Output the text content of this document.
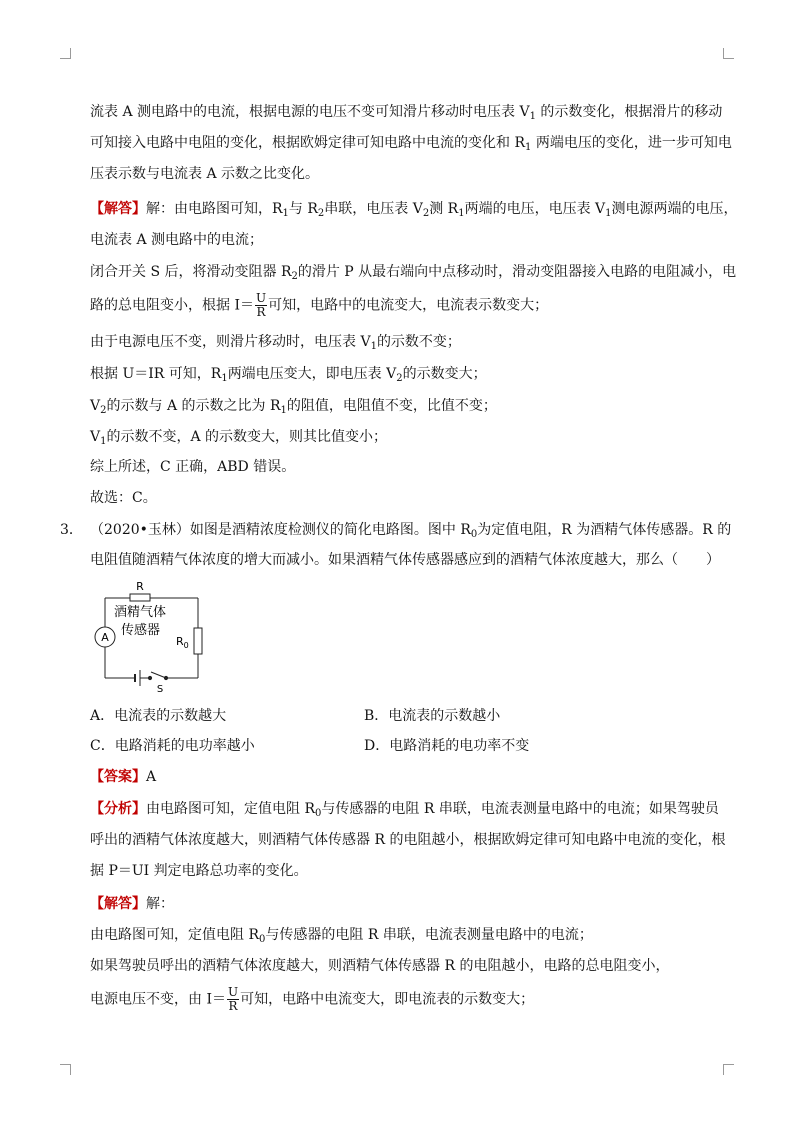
流表 A 测电路中的电流，根据电源的电压不变可知滑片移动时电压表 $V_1$ 的示数变化，根据滑片的移动
可知接入电路中电阻的变化，根据欧姆定律可知电路中电流的变化和 $R_1$ 两端电压的变化，进一步可知电
压表示数与电流表 A 示数之比变化。
【解答】解：由电路图可知，$R_1$与 $R_2$串联，电压表 $V_2$测 $R_1$两端的电压，电压表 $V_1$测电源两端的电压，
电流表 A 测电路中的电流；
闭合开关 S 后，将滑动变阻器 $R_2$的滑片 P 从最右端向中点移动时，滑动变阻器接入电路的电阻减小，电
路的总电阻变小，根据 $I= \frac{U}{R}$ 可知，电路中的电流变大，电流表示数变大；
由于电源电压不变，则滑片移动时，电压表 $V_1$的示数不变；
根据 U＝IR 可知，$R_1$两端电压变大，即电压表 $V_2$的示数变大；
$V_2$的示数与 A 的示数之比为 $R_1$的阻值，电阻值不变，比值不变；
$V_1$的示数不变，A 的示数变大，则其比值变小；
综上所述，C 正确，ABD 错误。
故选：C。
3． （2020•玉林）如图是酒精浓度检测仪的简化电路图。图中 $R_0$为定值电阻，R 为酒精气体传感器。R 的
电阻值随酒精气体浓度的增大而减小。如果酒精气体传感器感应到的酒精气体浓度越大，那么（　　）
R
酒精气体
传感器
A	$R_0$
S
A．电流表的示数越大	B．电流表的示数越小
C．电路消耗的电功率越小	D．电路消耗的电功率不变
【答案】A
【分析】由电路图可知，定值电阻 $R_0$与传感器的电阻 R 串联，电流表测量电路中的电流；如果驾驶员
呼出的酒精气体浓度越大，则酒精气体传感器 R 的电阻越小，根据欧姆定律可知电路中电流的变化，根
据 P＝UI 判定电路总功率的变化。
【解答】解：
由电路图可知，定值电阻 $R_0$与传感器的电阻 R 串联，电流表测量电路中的电流；
如果驾驶员呼出的酒精气体浓度越大，则酒精气体传感器 R 的电阻越小，电路的总电阻变小，
电源电压不变，由 $I= \frac{U}{R}$ 可知，电路中电流变大，即电流表的示数变大；
